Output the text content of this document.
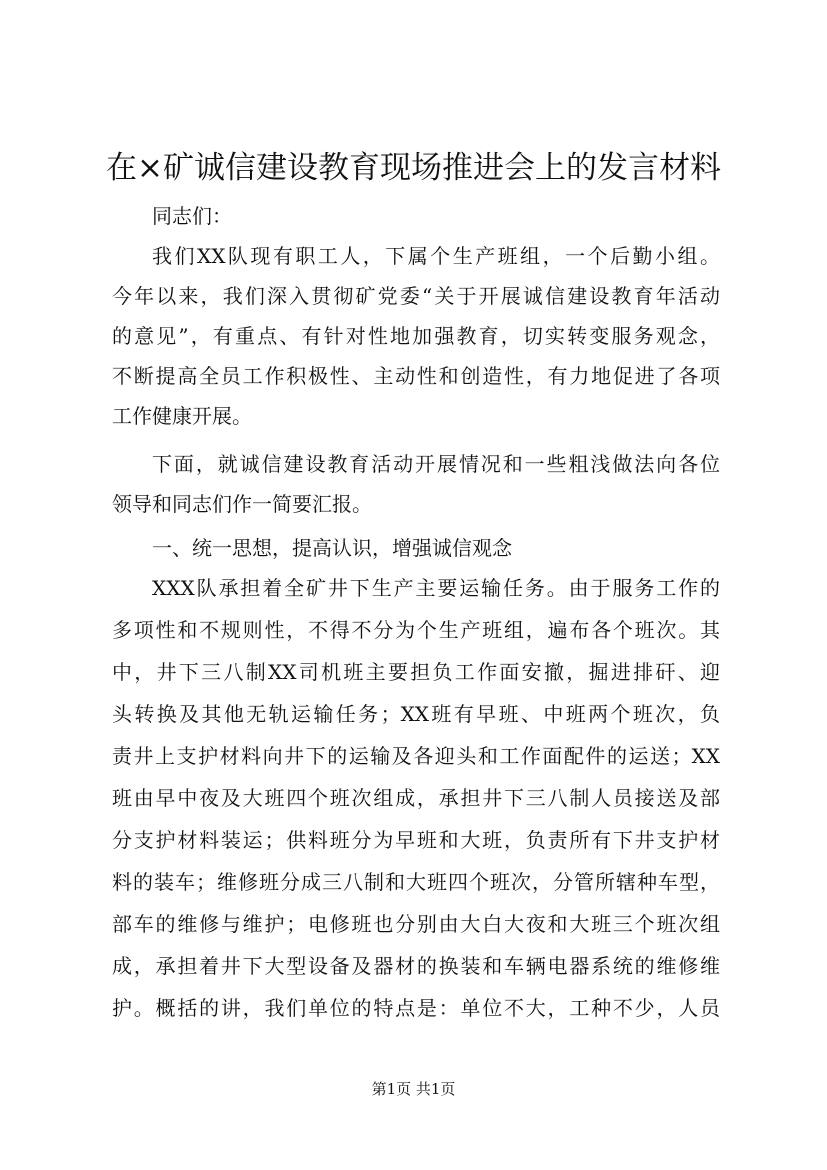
在×矿诚信建设教育现场推进会上的发言材料
同志们：
我们XX队现有职工人，下属个生产班组，一个后勤小组。
今年以来，我们深入贯彻矿党委“关于开展诚信建设教育年活动
的意见”，有重点、有针对性地加强教育，切实转变服务观念，
不断提高全员工作积极性、主动性和创造性，有力地促进了各项
工作健康开展。
下面，就诚信建设教育活动开展情况和一些粗浅做法向各位
领导和同志们作一简要汇报。
一、统一思想，提高认识，增强诚信观念
XXX队承担着全矿井下生产主要运输任务。由于服务工作的
多项性和不规则性，不得不分为个生产班组，遍布各个班次。其
中，井下三八制XX司机班主要担负工作面安撤，掘进排矸、迎
头转换及其他无轨运输任务；XX班有早班、中班两个班次，负
责井上支护材料向井下的运输及各迎头和工作面配件的运送；XX
班由早中夜及大班四个班次组成，承担井下三八制人员接送及部
分支护材料装运；供料班分为早班和大班，负责所有下井支护材
料的装车；维修班分成三八制和大班四个班次，分管所辖种车型，
部车的维修与维护；电修班也分别由大白大夜和大班三个班次组
成，承担着井下大型设备及器材的换装和车辆电器系统的维修维
护。概括的讲，我们单位的特点是：单位不大，工种不少，人员
第1页 共1页
